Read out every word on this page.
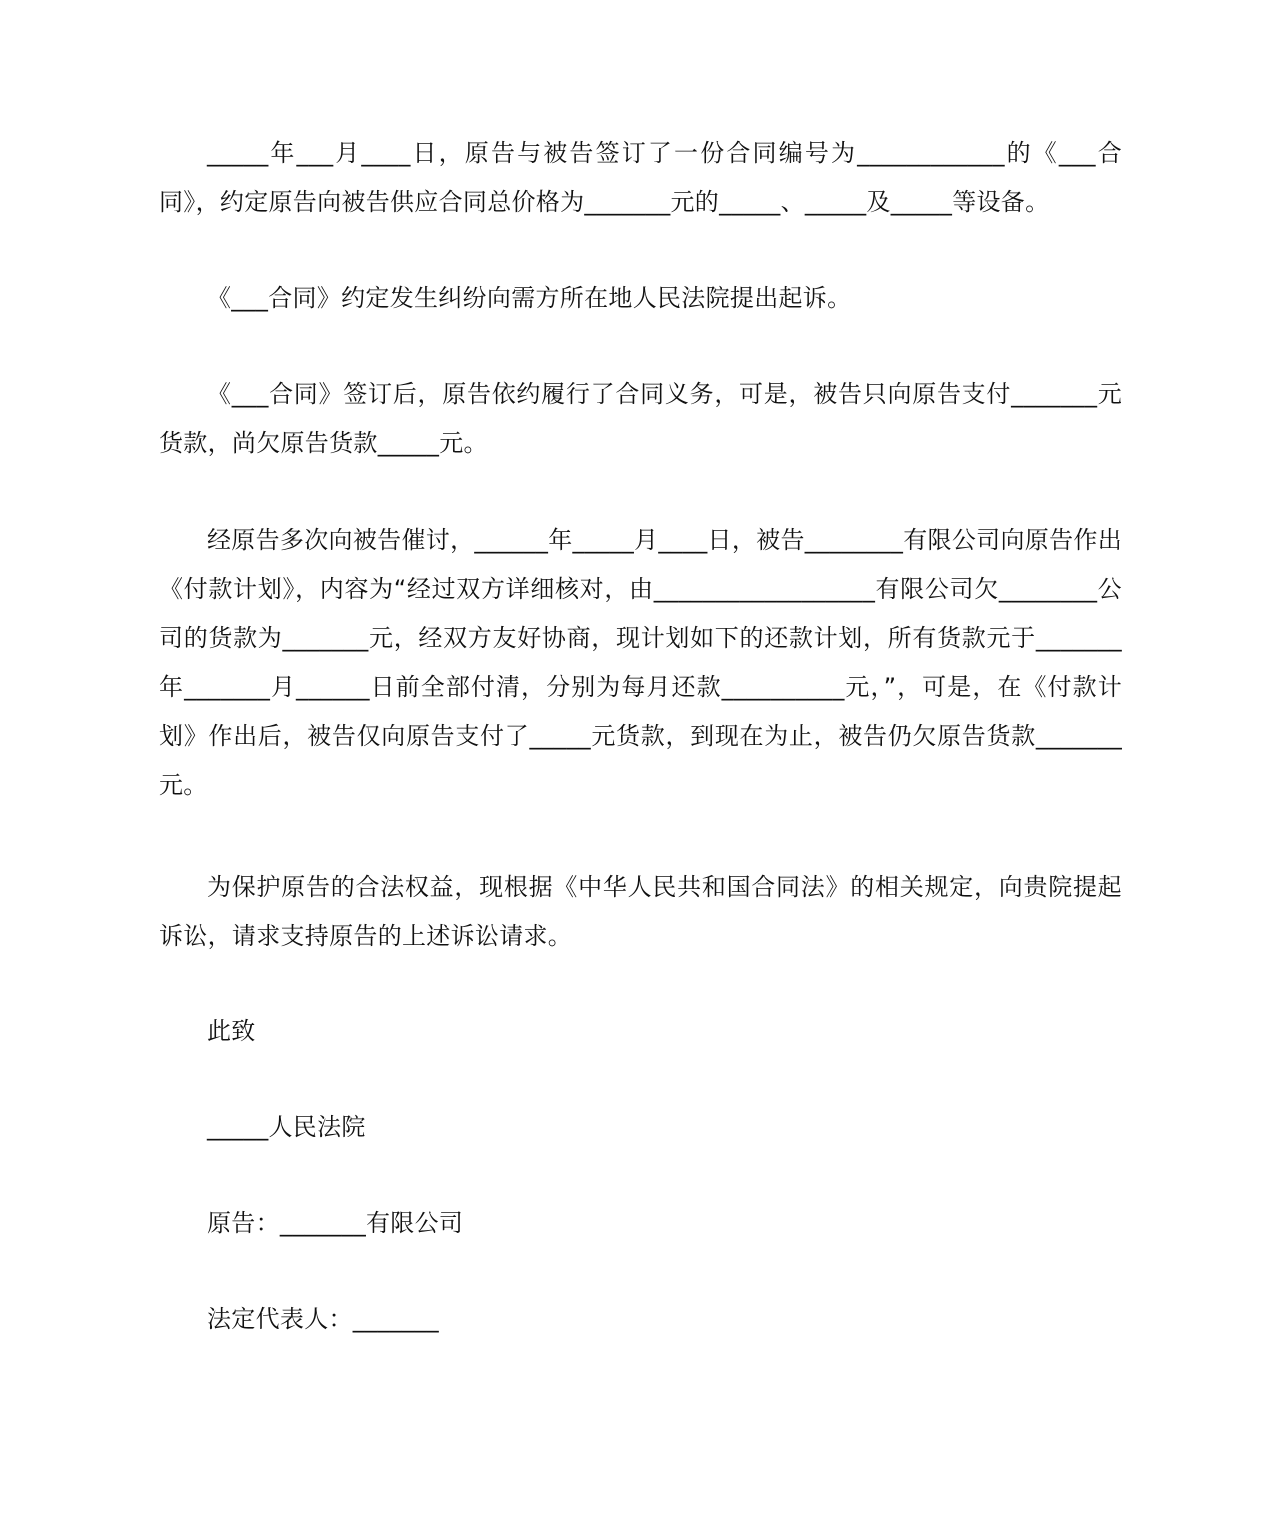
_____年___月____日，原告与被告签订了一份合同编号为____________的《___合同》，约定原告向被告供应合同总价格为_______元的_____、_____及_____等设备。

《___合同》约定发生纠纷向需方所在地人民法院提出起诉。

《___合同》签订后，原告依约履行了合同义务，可是，被告只向原告支付_______元货款，尚欠原告货款_____元。

经原告多次向被告催讨，______年_____月____日，被告________有限公司向原告作出《付款计划》，内容为“经过双方详细核对，由__________________有限公司欠________公司的货款为_______元，经双方友好协商，现计划如下的还款计划，所有货款元于_______年_______月______日前全部付清，分别为每月还款__________元，”，可是，在《付款计划》作出后，被告仅向原告支付了_____元货款，到现在为止，被告仍欠原告货款_______元。

为保护原告的合法权益，现根据《中华人民共和国合同法》的相关规定，向贵院提起诉讼，请求支持原告的上述诉讼请求。

此致

_____人民法院

原告：_______有限公司

法定代表人：_______
